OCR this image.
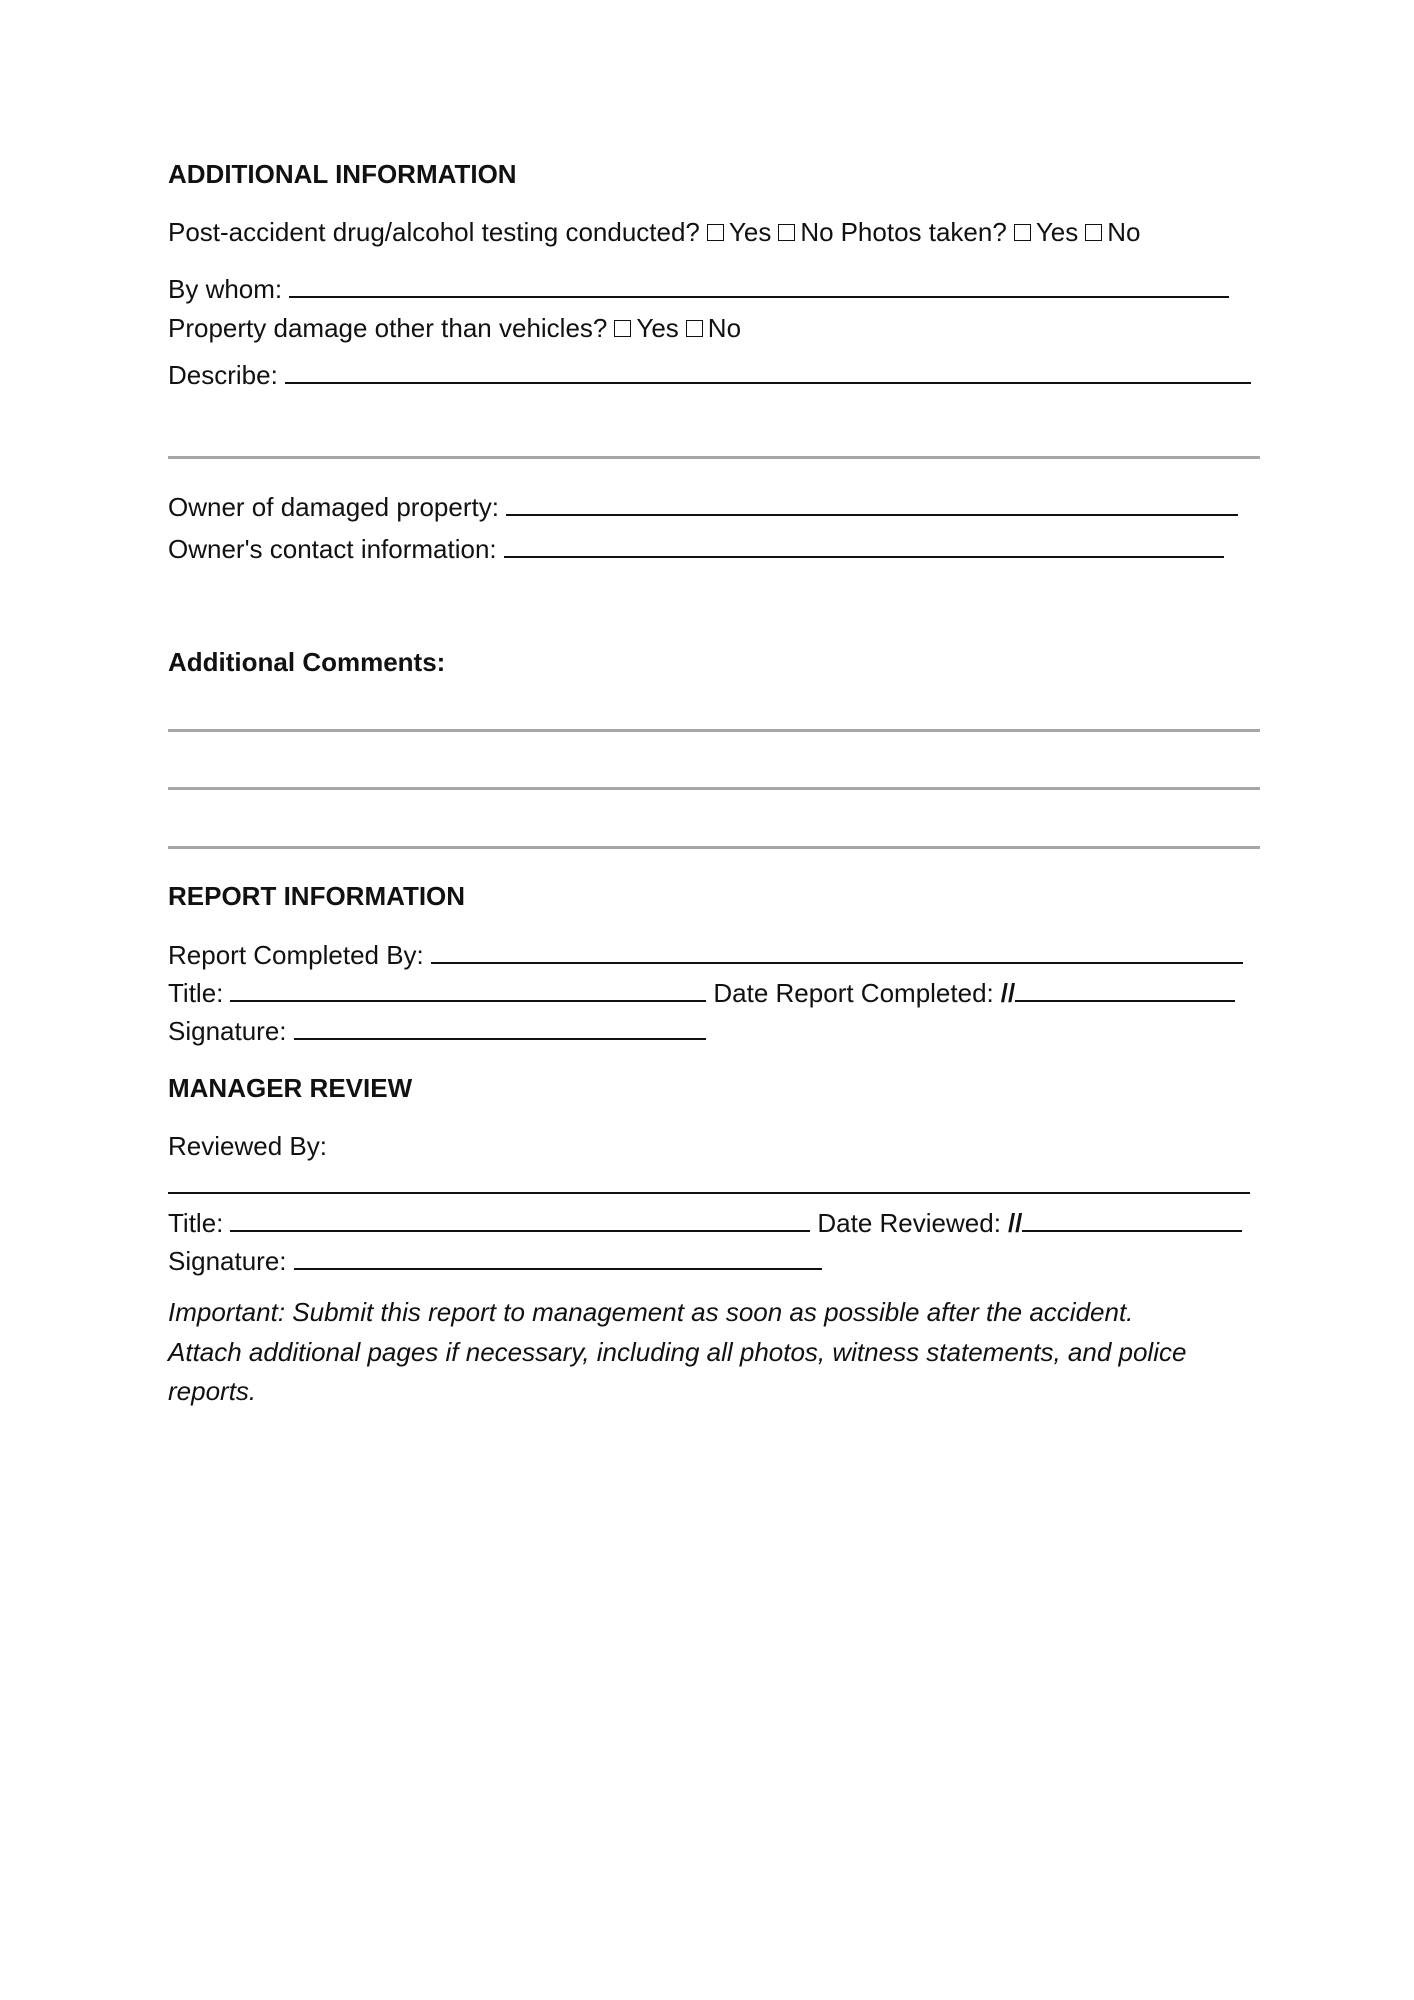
ADDITIONAL INFORMATION
Post-accident drug/alcohol testing conducted? Yes No Photos taken? Yes No
By whom:
Property damage other than vehicles? Yes No
Describe:
Owner of damaged property:
Owner's contact information:
Additional Comments:
REPORT INFORMATION
Report Completed By:
Title:	Date Report Completed: //
Signature:
MANAGER REVIEW
Reviewed By:
Title:	Date Reviewed: //
Signature:
Important: Submit this report to management as soon as possible after the accident.
Attach additional pages if necessary, including all photos, witness statements, and police
reports.
